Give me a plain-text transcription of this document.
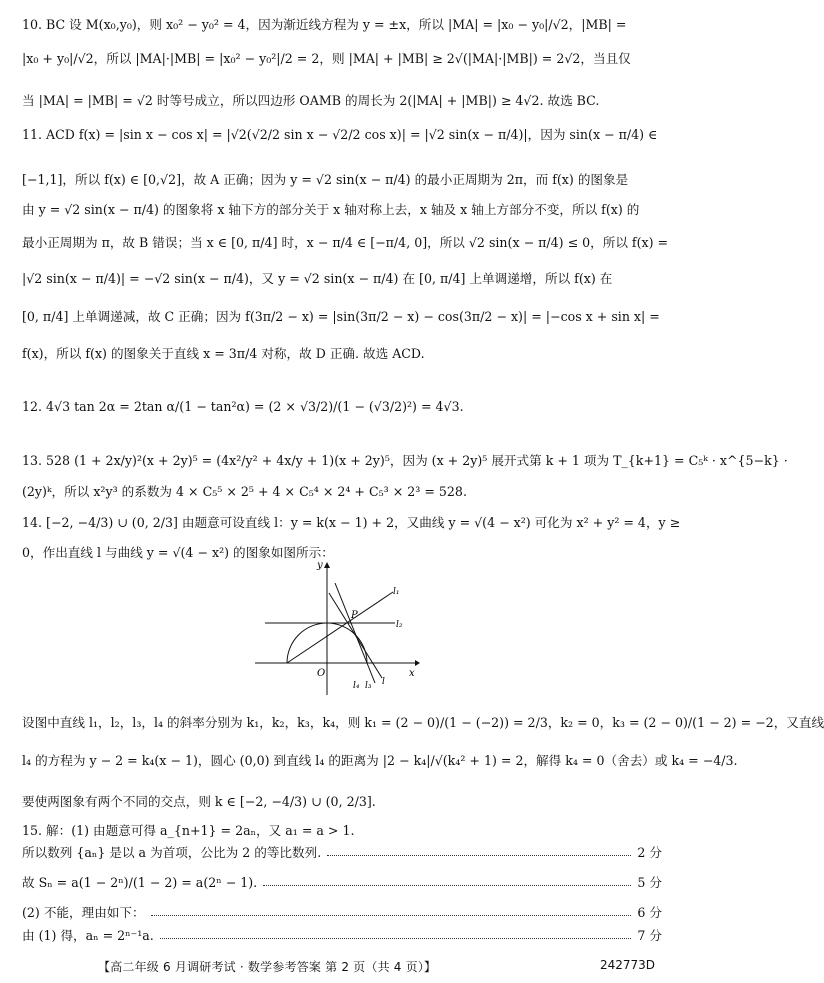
10. BC 设 M(x₀,y₀)，则 x₀² − y₀² = 4，因为渐近线方程为 y = ±x，所以 |MA| = |x₀ − y₀|/√2，|MB| =
|x₀ + y₀|/√2，所以 |MA|·|MB| = |x₀² − y₀²|/2 = 2，则 |MA| + |MB| ≥ 2√(|MA|·|MB|) = 2√2，当且仅
当 |MA| = |MB| = √2 时等号成立，所以四边形 OAMB 的周长为 2(|MA| + |MB|) ≥ 4√2. 故选 BC.
11. ACD f(x) = |sin x − cos x| = |√2(√2/2 sin x − √2/2 cos x)| = |√2 sin(x − π/4)|，因为 sin(x − π/4) ∈
[−1,1]，所以 f(x) ∈ [0,√2]，故 A 正确；因为 y = √2 sin(x − π/4) 的最小正周期为 2π，而 f(x) 的图象是
由 y = √2 sin(x − π/4) 的图象将 x 轴下方的部分关于 x 轴对称上去，x 轴及 x 轴上方部分不变，所以 f(x) 的
最小正周期为 π，故 B 错误；当 x ∈ [0, π/4] 时，x − π/4 ∈ [−π/4, 0]，所以 √2 sin(x − π/4) ≤ 0，所以 f(x) =
|√2 sin(x − π/4)| = −√2 sin(x − π/4)，又 y = √2 sin(x − π/4) 在 [0, π/4] 上单调递增，所以 f(x) 在
[0, π/4] 上单调递减，故 C 正确；因为 f(3π/2 − x) = |sin(3π/2 − x) − cos(3π/2 − x)| = |−cos x + sin x| =
f(x)，所以 f(x) 的图象关于直线 x = 3π/4 对称，故 D 正确. 故选 ACD.
12. 4√3 tan 2α = 2tan α/(1 − tan²α) = (2 × √3/2)/(1 − (√3/2)²) = 4√3.
13. 528 (1 + 2x/y)²(x + 2y)⁵ = (4x²/y² + 4x/y + 1)(x + 2y)⁵，因为 (x + 2y)⁵ 展开式第 k + 1 项为 T_{k+1} = C₅ᵏ · x^{5−k} ·
(2y)ᵏ，所以 x²y³ 的系数为 4 × C₅⁵ × 2⁵ + 4 × C₅⁴ × 2⁴ + C₅³ × 2³ = 528.
14. [−2, −4/3) ∪ (0, 2/3] 由题意可设直线 l：y = k(x − 1) + 2，又曲线 y = √(4 − x²) 可化为 x² + y² = 4，y ≥
0，作出直线 l 与曲线 y = √(4 − x²) 的图象如图所示：
y
x
O
P
l₁
l₂
l₃
l₄	l
设图中直线 l₁，l₂，l₃，l₄ 的斜率分别为 k₁，k₂，k₃，k₄，则 k₁ = (2 − 0)/(1 − (−2)) = 2/3，k₂ = 0，k₃ = (2 − 0)/(1 − 2) = −2，又直线
l₄ 的方程为 y − 2 = k₄(x − 1)，圆心 (0,0) 到直线 l₄ 的距离为 |2 − k₄|/√(k₄² + 1) = 2，解得 k₄ = 0（舍去）或 k₄ = −4/3.
要使两图象有两个不同的交点，则 k ∈ [−2, −4/3) ∪ (0, 2/3].
15. 解：(1) 由题意可得 a_{n+1} = 2aₙ，又 a₁ = a > 1.
所以数列 {aₙ} 是以 a 为首项，公比为 2 的等比数列.	2 分
故 Sₙ = a(1 − 2ⁿ)/(1 − 2) = a(2ⁿ − 1).	5 分
(2) 不能，理由如下：	6 分
由 (1) 得，aₙ = 2ⁿ⁻¹a.	7 分
【高二年级 6 月调研考试 · 数学参考答案 第 2 页（共 4 页）】	242773D
